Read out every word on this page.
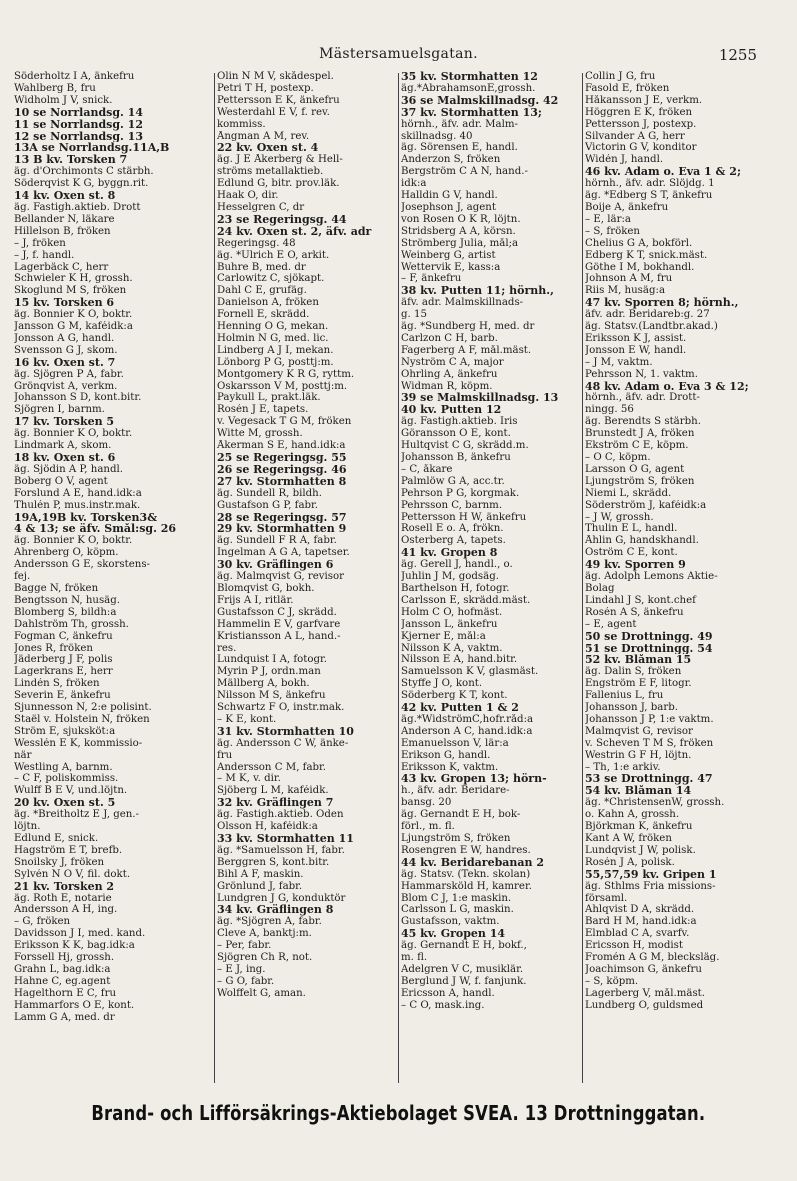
Mästersamuelsgatan.	1255
Söderholtz I A, änkefru
Wahlberg B, fru
Widholm J V, snick.
10 se Norrlandsg. 14
11 se Norrlandsg. 12
12 se Norrlandsg. 13
13A se Norrlandsg.11A,B
13 B kv. Torsken 7
äg. d'Orchimonts C stärbh.
Söderqvist K G, byggn.rit.
14 kv. Oxen st. 8
äg. Fastigh.aktieb. Drott
Bellander N, läkare
Hillelson B, fröken
– J, fröken
– J, f. handl.
Lagerbäck C, herr
Schwieler K H, grossh.
Skoglund M S, fröken
15 kv. Torsken 6
äg. Bonnier K O, boktr.
Jansson G M, kaféidk:a
Jonsson A G, handl.
Svensson G J, skom.
16 kv. Oxen st. 7
äg. Sjögren P A, fabr.
Grönqvist A, verkm.
Johansson S D, kont.bitr.
Sjögren I, barnm.
17 kv. Torsken 5
äg. Bonnier K O, boktr.
Lindmark A, skom.
18 kv. Oxen st. 6
äg. Sjödin A P, handl.
Boberg O V, agent
Forslund A E, hand.idk:a
Thulén P, mus.instr.mak.
19A,19B kv. Torsken3&
4 & 13; se äfv. Smål:sg. 26
äg. Bonnier K O, boktr.
Ahrenberg O, köpm.
Andersson G E, skorstens-
fej.
Bagge N, fröken
Bengtsson N, husäg.
Blomberg S, bildh:a
Dahlström Th, grossh.
Fogman C, änkefru
Jones R, fröken
Jäderberg J F, polis
Lagerkrans E, herr
Lindén S, fröken
Severin E, änkefru
Sjunnesson N, 2:e polisint.
Staël v. Holstein N, fröken
Ström E, sjuksköt:a
Wesslén E K, kommissio-
när
Westling A, barnm.
– C F, poliskommiss.
Wulff B E V, und.löjtn.
20 kv. Oxen st. 5
äg. *Breitholtz E J, gen.-
löjtn.
Edlund E, snick.
Hagström E T, brefb.
Snoilsky J, fröken
Sylvén N O V, fil. dokt.
21 kv. Torsken 2
äg. Roth E, notarie
Andersson A H, ing.
– G, fröken
Davidsson J I, med. kand.
Eriksson K K, bag.idk:a
Forssell Hj, grossh.
Grahn L, bag.idk:a
Hahne C, eg.agent
Hagelthorn E C, fru
Hammarfors O E, kont.
Lamm G A, med. dr
Olin N M V, skådespel.
Petri T H, postexp.
Pettersson E K, änkefru
Westerdahl E V, f. rev.
kommiss.
Ångman A M, rev.
22 kv. Oxen st. 4
äg. J E Åkerberg & Hell-
ströms metallaktieb.
Edlund G, bitr. prov.läk.
Haak O, dir.
Hesselgren C, dr
23 se Regeringsg. 44
24 kv. Oxen st. 2, äfv. adr
Regeringsg. 48
äg. *Ulrich E O, arkit.
Buhre B, med. dr
Carlowitz C, sjökapt.
Dahl C E, grufäg.
Danielson A, fröken
Fornell E, skrädd.
Henning O G, mekan.
Holmin N G, med. lic.
Lindberg A J I, mekan.
Lönborg P G, posttj:m.
Montgomery K R G, ryttm.
Oskarsson V M, posttj:m.
Paykull L, prakt.läk.
Rosén J E, tapets.
v. Vegesack T G M, fröken
Witte M, grossh.
Åkerman S E, hand.idk:a
25 se Regeringsg. 55
26 se Regeringsg. 46
27 kv. Stormhatten 8
äg. Sundell R, bildh.
Gustafson G P, fabr.
28 se Regeringsg. 57
29 kv. Stormhatten 9
äg. Sundell F R A, fabr.
Ingelman A G A, tapetser.
30 kv. Gräflingen 6
äg. Malmqvist G, revisor
Blomqvist G, bokh.
Frijs A I, ritlär.
Gustafsson C J, skrädd.
Hammelin E V, garfvare
Kristiansson A L, hand.-
res.
Lundquist I A, fotogr.
Myrin P J, ordn.man
Mällberg A, bokh.
Nilsson M S, änkefru
Schwartz F O, instr.mak.
– K E, kont.
31 kv. Stormhatten 10
äg. Andersson C W, änke-
fru
Andersson C M, fabr.
– M K, v. dir.
Sjöberg L M, kaféidk.
32 kv. Gräflingen 7
äg. Fastigh.aktieb. Oden
Olsson H, kaféidk:a
33 kv. Stormhatten 11
äg. *Samuelsson H, fabr.
Berggren S, kont.bitr.
Bihl A F, maskin.
Grönlund J, fabr.
Lundgren J G, konduktör
34 kv. Gräflingen 8
äg. *Sjögren A, fabr.
Cleve A, banktj:m.
– Per, fabr.
Sjögren Ch R, not.
– E J, ing.
– G O, fabr.
Wolffelt G, aman.
35 kv. Stormhatten 12
äg.*AbrahamsonE,grossh.
36 se Malmskillnadsg. 42
37 kv. Stormhatten 13;
hörnh., äfv. adr. Malm-
skillnadsg. 40
äg. Sörensen E, handl.
Anderzon S, fröken
Bergström C A N, hand.-
idk:a
Halldin G V, handl.
Josephson J, agent
von Rosen O K R, löjtn.
Stridsberg A A, körsn.
Strömberg Julia, mål;a
Weinberg G, artist
Wettervik E, kass:a
– F, änkefru
38 kv. Putten 11; hörnh.,
äfv. adr. Malmskillnads-
g. 15
äg. *Sundberg H, med. dr
Carlzon C H, barb.
Fagerberg A F, mål.mäst.
Nyström C A, major
Ohrling A, änkefru
Widman R, köpm.
39 se Malmskillnadsg. 13
40 kv. Putten 12
äg. Fastigh.aktieb. Iris
Göransson O E, kont.
Hultqvist C G, skrädd.m.
Johansson B, änkefru
– C, åkare
Palmlöw G A, acc.tr.
Pehrson P G, korgmak.
Pehrsson C, barnm.
Pettersson H W, änkefru
Rosell E o. A, frökn.
Österberg A, tapets.
41 kv. Gropen 8
äg. Gerell J, handl., o.
Juhlin J M, godsäg.
Barthelson H, fotogr.
Carlsson E, skrädd.mäst.
Holm C O, hofmäst.
Jansson L, änkefru
Kjerner E, mål:a
Nilsson K A, vaktm.
Nilsson E A, hand.bitr.
Samuelsson K V, glasmäst.
Styffe J O, kont.
Söderberg K T, kont.
42 kv. Putten 1 & 2
äg.*WidströmC,hofr.råd:a
Anderson A C, hand.idk:a
Emanuelsson V, lär:a
Erikson G, handl.
Eriksson K, vaktm.
43 kv. Gropen 13; hörn-
h., äfv. adr. Beridare-
bansg. 20
äg. Gernandt E H, bok-
förl., m. fl.
Ljungström S, fröken
Rosengren E W, handres.
44 kv. Beridarebanan 2
äg. Statsv. (Tekn. skolan)
Hammarsköld H, kamrer.
Blom C J, 1:e maskin.
Carlsson L G, maskin.
Gustafsson, vaktm.
45 kv. Gropen 14
äg. Gernandt E H, bokf.,
m. fl.
Adelgren V C, musiklär.
Berglund J W, f. fanjunk.
Ericsson A, handl.
– C O, mask.ing.
Collin J G, fru
Fasold E, fröken
Håkansson J E, verkm.
Höggren E K, fröken
Pettersson J, postexp.
Silvander A G, herr
Victorin G V, konditor
Widén J, handl.
46 kv. Adam o. Eva 1 & 2;
hörnh., äfv. adr. Slöjdg. 1
äg. *Edberg S T, änkefru
Boije A, änkefru
– E, lär:a
– S, fröken
Chelius G A, bokförl.
Edberg K T, snick.mäst.
Göthe I M, bokhandl.
Johnson A M, fru
Riis M, husäg:a
47 kv. Sporren 8; hörnh.,
äfv. adr. Beridareb:g. 27
äg. Statsv.(Landtbr.akad.)
Eriksson K J, assist.
Jonsson E W, handl.
– J M, vaktm.
Pehrsson N, 1. vaktm.
48 kv. Adam o. Eva 3 & 12;
hörnh., äfv. adr. Drott-
ningg. 56
äg. Berendts S stärbh.
Brunstedt J A, fröken
Ekström C E, köpm.
– O C, köpm.
Larsson O G, agent
Ljungström S, fröken
Niemi L, skrädd.
Söderström J, kaféidk:a
– J W, grossh.
Thulin E L, handl.
Åhlin G, handskhandl.
Öström C E, kont.
49 kv. Sporren 9
äg. Adolph Lemons Aktie-
Bolag
Lindahl J S, kont.chef
Rosén A S, änkefru
– E, agent
50 se Drottningg. 49
51 se Drottningg. 54
52 kv. Blåman 15
äg. Dalin S, fröken
Engström E F, litogr.
Fallenius L, fru
Johansson J, barb.
Johansson J P, 1:e vaktm.
Malmqvist G, revisor
v. Scheven T M S, fröken
Westrin G F H, löjtn.
– Th, 1:e arkiv.
53 se Drottningg. 47
54 kv. Blåman 14
äg. *ChristensenW, grossh.
o. Kahn A, grossh.
Björkman K, änkefru
Kant A W, fröken
Lundqvist J W, polisk.
Rosén J A, polisk.
55,57,59 kv. Gripen 1
äg. Sthlms Fria missions-
församl.
Ahlqvist D A, skrädd.
Bard H M, hand.idk:a
Elmblad C A, svarfv.
Ericsson H, modist
Fromén A G M, blecksläg.
Joachimson G, änkefru
– S, köpm.
Lagerberg V, mål.mäst.
Lundberg O, guldsmed
Brand- och Lifförsäkrings-Aktiebolaget SVEA. 13 Drottninggatan.
